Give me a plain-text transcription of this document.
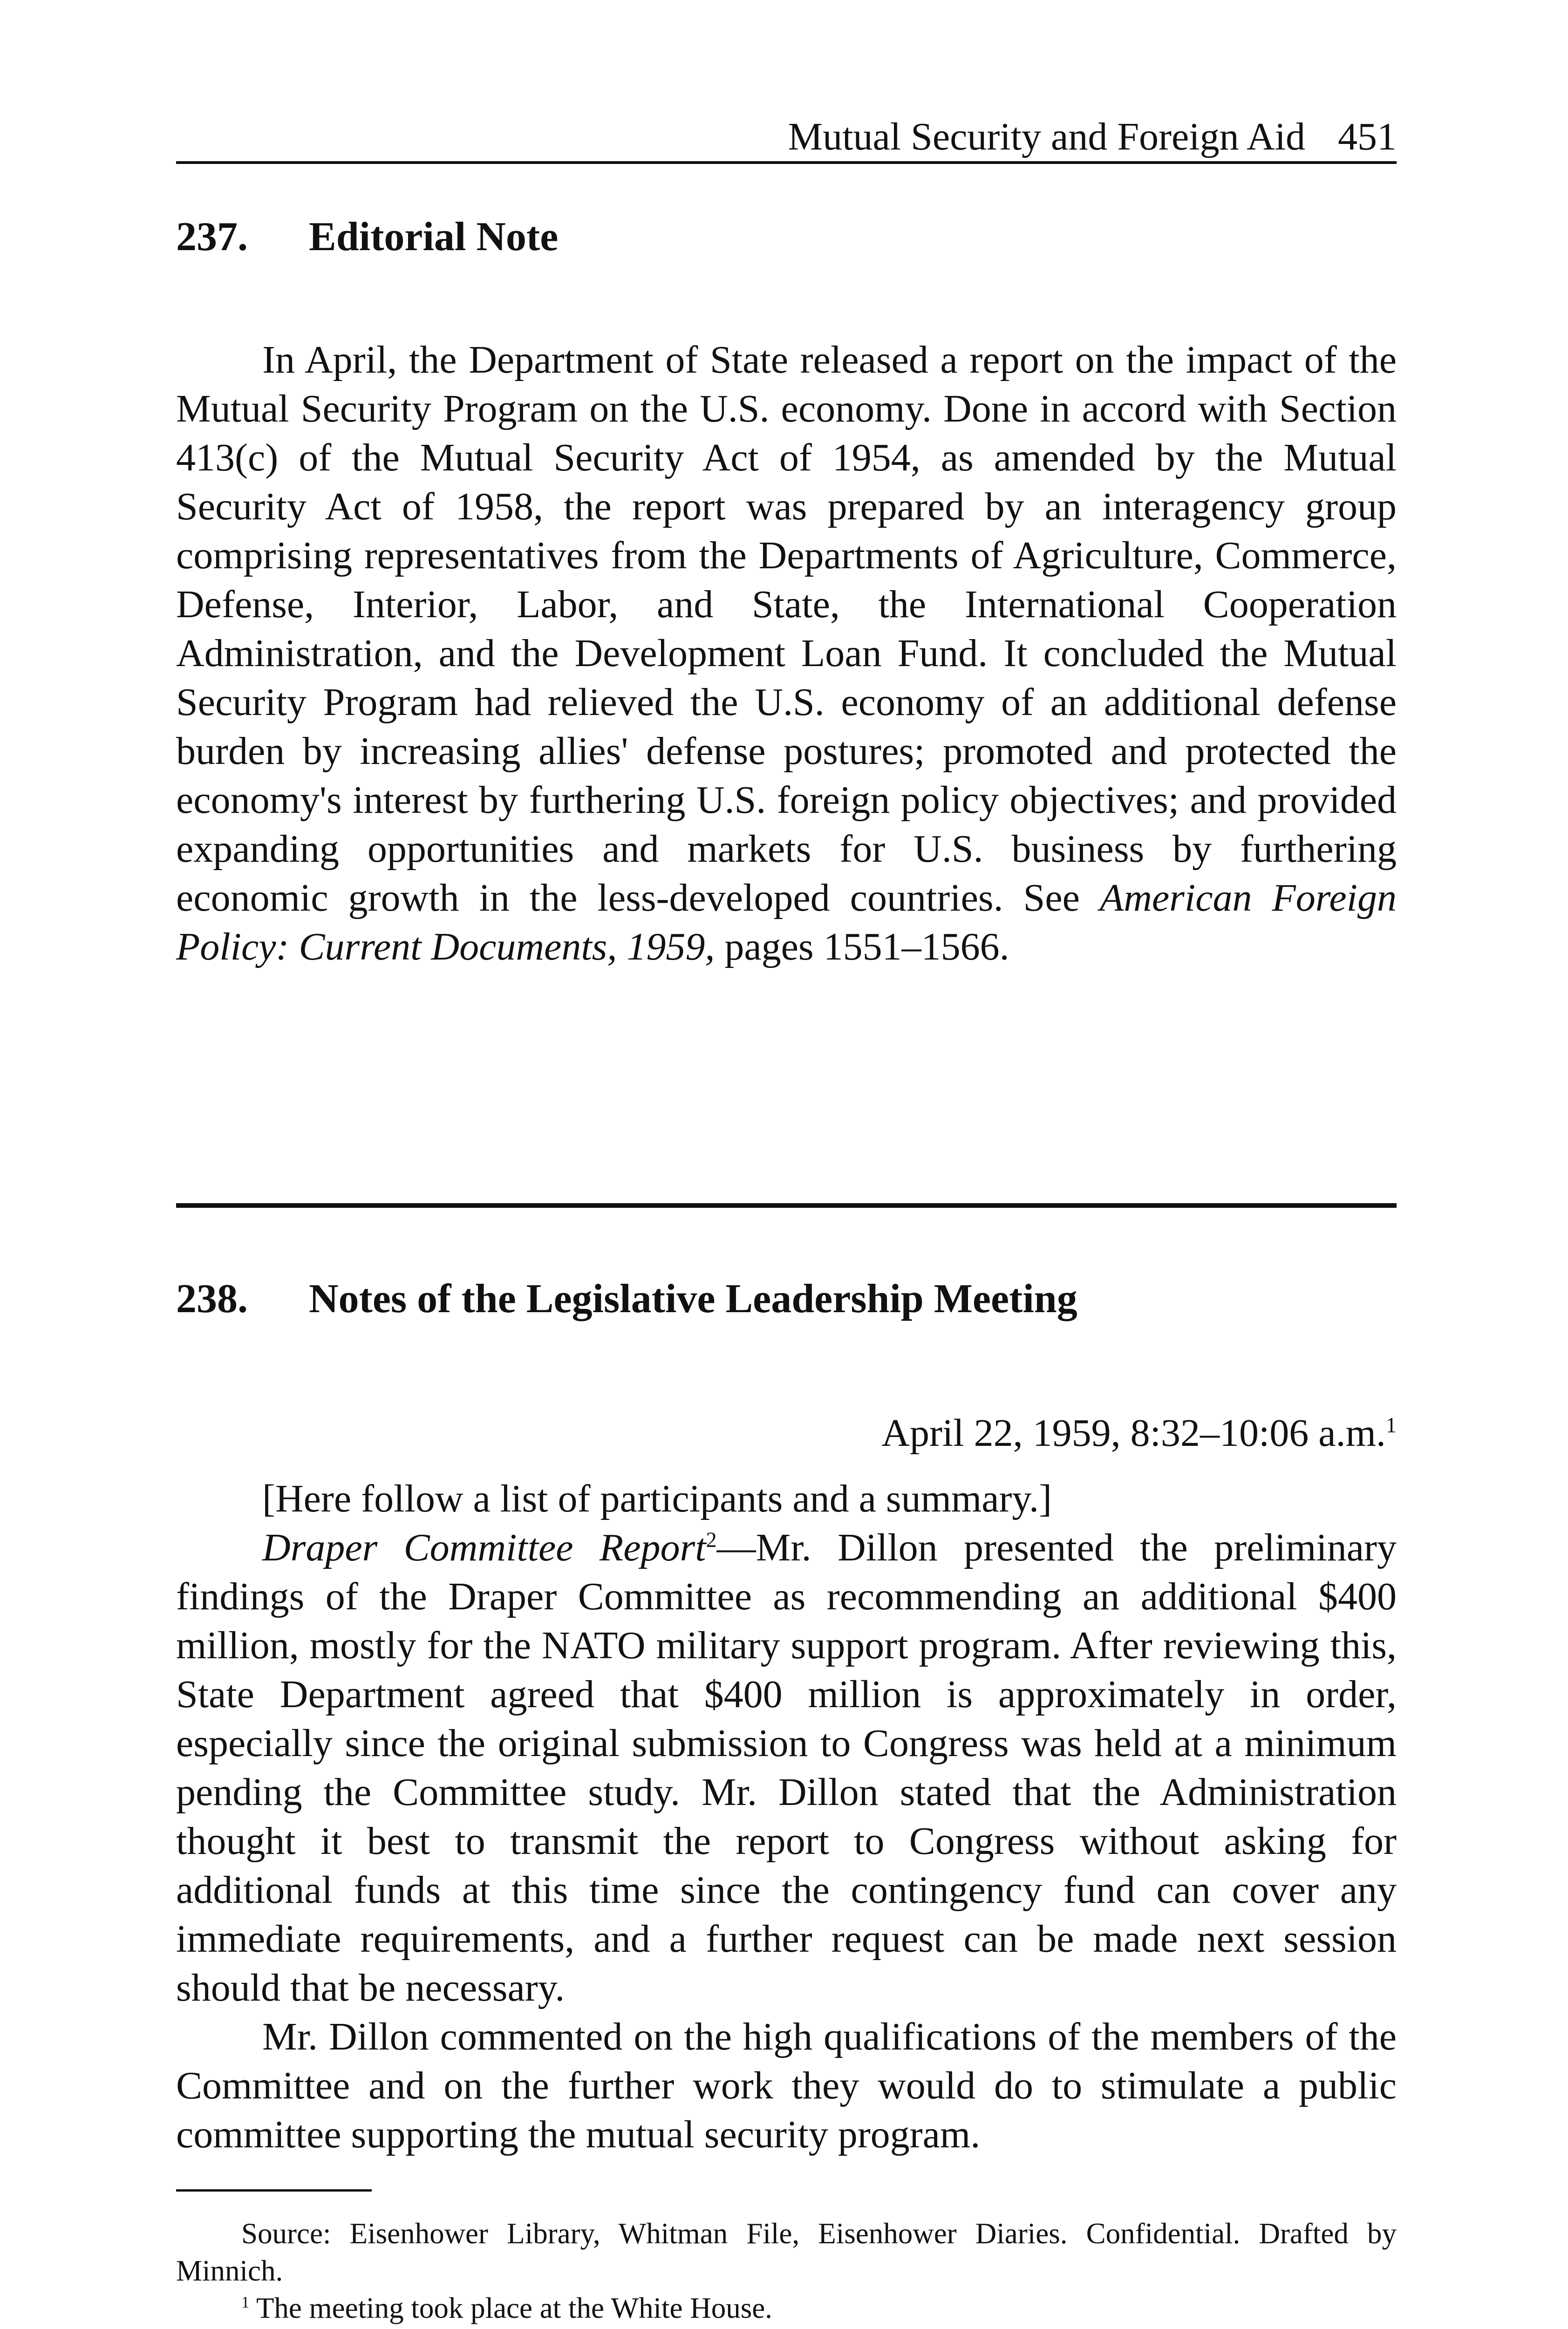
Mutual Security and Foreign Aid 451
237.	Editorial Note

In April, the Department of State released a report on the impact of the Mutual Security Program on the U.S. economy. Done in accord with Section 413(c) of the Mutual Security Act of 1954, as amended by the Mutual Security Act of 1958, the report was prepared by an interagency group comprising representatives from the Departments of Agriculture, Commerce, Defense, Interior, Labor, and State, the International Cooperation Administration, and the Development Loan Fund. It concluded the Mutual Security Program had relieved the U.S. economy of an additional defense burden by increasing allies' defense postures; promoted and protected the economy's interest by furthering U.S. foreign policy objectives; and provided expanding opportunities and markets for U.S. business by furthering economic growth in the less-developed countries. See American Foreign Policy: Current Documents, 1959, pages 1551–1566.

238.	Notes of the Legislative Leadership Meeting
April 22, 1959, 8:32–10:06 a.m.$^1$

[Here follow a list of participants and a summary.]

Draper Committee Report$^2$—Mr. Dillon presented the preliminary findings of the Draper Committee as recommending an additional $400 million, mostly for the NATO military support program. After reviewing this, State Department agreed that $400 million is approximately in order, especially since the original submission to Congress was held at a minimum pending the Committee study. Mr. Dillon stated that the Administration thought it best to transmit the report to Congress without asking for additional funds at this time since the contingency fund can cover any immediate requirements, and a further request can be made next session should that be necessary.

Mr. Dillon commented on the high qualifications of the members of the Committee and on the further work they would do to stimulate a public committee supporting the mutual security program.

Source: Eisenhower Library, Whitman File, Eisenhower Diaries. Confidential. Drafted by Minnich.

$^1$ The meeting took place at the White House.
